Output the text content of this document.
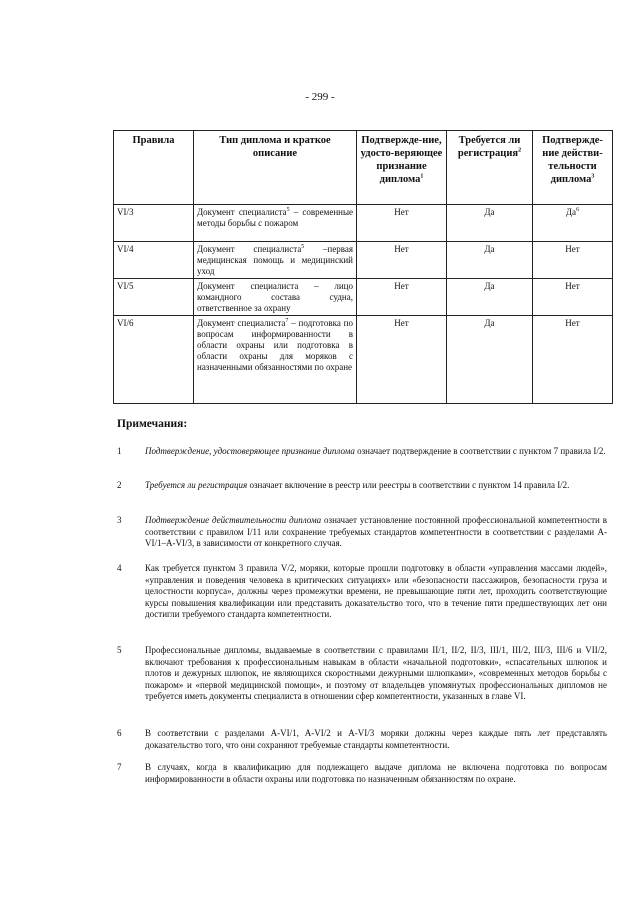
- 299 -
Правила	Тип диплома и краткое описание	Подтвержде-ние, удосто-веряющее признание диплома$^1$	Требуется ли регистрация$^2$	Подтвержде-ние действи-тельности диплома$^3$
VI/3	Документ специалиста$^5$ – современные методы борьбы с пожаром	Нет	Да	$Да^6$
VI/4	Документ специалиста$^5$ –первая медицинская помощь и медицинский уход	Нет	Да	Нет
VI/5	Документ специалиста – лицо командного состава судна, ответственное за охрану	Нет	Да	Нет
VI/6	Документ специалиста$^7$ – подготовка по вопросам информированности в области охраны или подготовка в области охраны для моряков с назначенными обязанностями по охране	Нет	Да	Нет
Примечания:
1	Подтверждение, удостоверяющее признание диплома означает подтверждение в соответствии с пунктом 7 правила I/2.
2	Требуется ли регистрация означает включение в реестр или реестры в соответствии с пунктом 14 правила I/2.
3	Подтверждение действительности диплома означает установление постоянной профессиональной компетентности в соответствии с правилом I/11 или сохранение требуемых стандартов компетентности в соответствии с разделами A-VI/1–A-VI/3, в зависимости от конкретного случая.
4	Как требуется пунктом 3 правила V/2, моряки, которые прошли подготовку в области «управления массами людей», «управления и поведения человека в критических ситуациях» или «безопасности пассажиров, безопасности груза и целостности корпуса», должны через промежутки времени, не превышающие пяти лет, проходить соответствующие курсы повышения квалификации или представить доказательство того, что в течение пяти предшествующих лет они достигли требуемого стандарта компетентности.
5	Профессиональные дипломы, выдаваемые в соответствии с правилами II/1, II/2, II/3, III/1, III/2, III/3, III/6 и VII/2, включают требования к профессиональным навыкам в области «начальной подготовки», «спасательных шлюпок и плотов и дежурных шлюпок, не являющихся скоростными дежурными шлюпками», «современных методов борьбы с пожаром» и «первой медицинской помощи», и поэтому от владельцев упомянутых профессиональных дипломов не требуется иметь документы специалиста в отношении сфер компетентности, указанных в главе VI.
6	В соответствии с разделами A-VI/1, A-VI/2 и A-VI/3 моряки должны через каждые пять лет представлять доказательство того, что они сохраняют требуемые стандарты компетентности.
7	В случаях, когда в квалификацию для подлежащего выдаче диплома не включена подготовка по вопросам информированности в области охраны или подготовка по назначенным обязанностям по охране.
